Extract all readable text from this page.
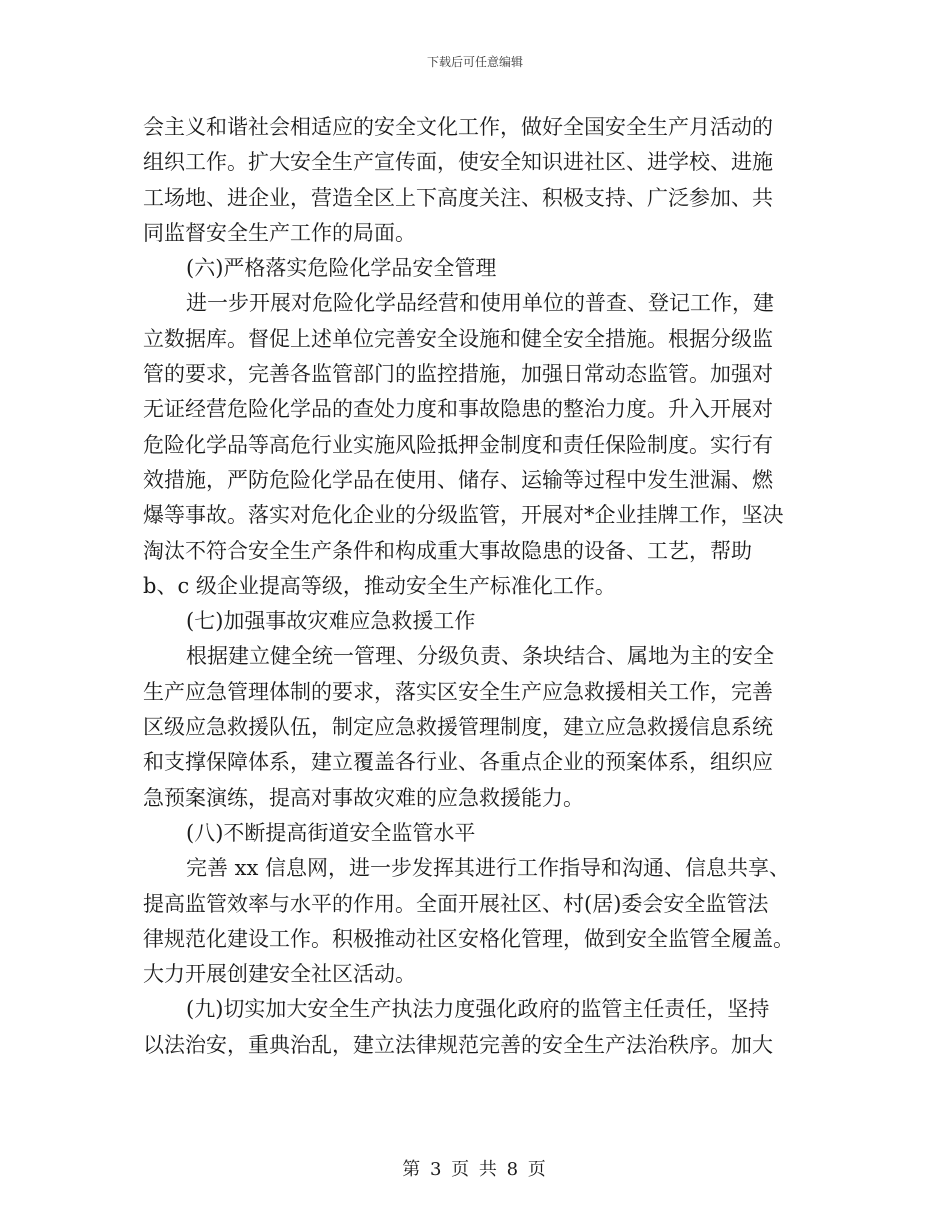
下载后可任意编辑
会主义和谐社会相适应的安全文化工作，做好全国安全生产月活动的
组织工作。扩大安全生产宣传面，使安全知识进社区、进学校、进施
工场地、进企业，营造全区上下高度关注、积极支持、广泛参加、共
同监督安全生产工作的局面。
(六)严格落实危险化学品安全管理
进一步开展对危险化学品经营和使用单位的普查、登记工作，建
立数据库。督促上述单位完善安全设施和健全安全措施。根据分级监
管的要求，完善各监管部门的监控措施，加强日常动态监管。加强对
无证经营危险化学品的查处力度和事故隐患的整治力度。升入开展对
危险化学品等高危行业实施风险抵押金制度和责任保险制度。实行有
效措施，严防危险化学品在使用、储存、运输等过程中发生泄漏、燃
爆等事故。落实对危化企业的分级监管，开展对*企业挂牌工作，坚决
淘汰不符合安全生产条件和构成重大事故隐患的设备、工艺，帮助
b、c 级企业提高等级，推动安全生产标准化工作。
(七)加强事故灾难应急救援工作
根据建立健全统一管理、分级负责、条块结合、属地为主的安全
生产应急管理体制的要求，落实区安全生产应急救援相关工作，完善
区级应急救援队伍，制定应急救援管理制度，建立应急救援信息系统
和支撑保障体系，建立覆盖各行业、各重点企业的预案体系，组织应
急预案演练，提高对事故灾难的应急救援能力。
(八)不断提高街道安全监管水平
完善 xx 信息网，进一步发挥其进行工作指导和沟通、信息共享、
提高监管效率与水平的作用。全面开展社区、村(居)委会安全监管法
律规范化建设工作。积极推动社区安格化管理，做到安全监管全履盖。
大力开展创建安全社区活动。
(九)切实加大安全生产执法力度强化政府的监管主任责任，坚持
以法治安，重典治乱，建立法律规范完善的安全生产法治秩序。加大
第 3 页 共 8 页
